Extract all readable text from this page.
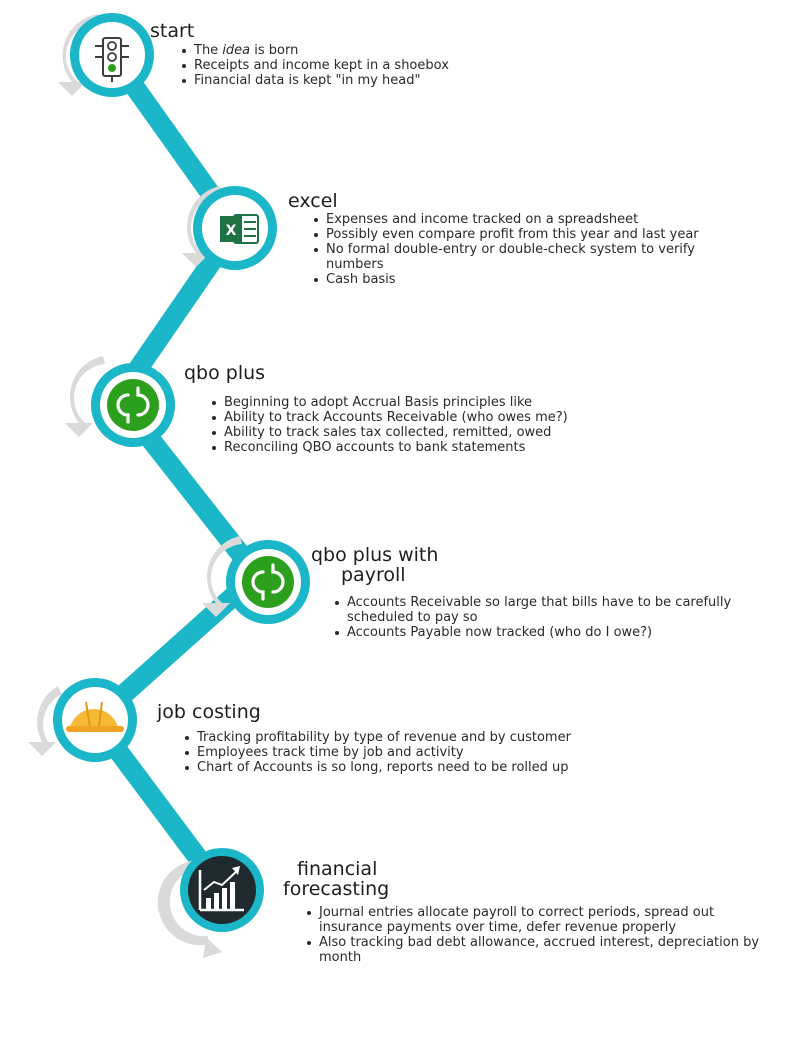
X
start
The idea is born
Receipts and income kept in a shoebox
Financial data is kept "in my head"
excel
Expenses and income tracked on a spreadsheet
Possibly even compare profit from this year and last year
No formal double-entry or double-check system to verify
numbers
Cash basis
qbo plus
Beginning to adopt Accrual Basis principles like
Ability to track Accounts Receivable (who owes me?)
Ability to track sales tax collected, remitted, owed
Reconciling QBO accounts to bank statements
qbo plus with
payroll
Accounts Receivable so large that bills have to be carefully
scheduled to pay so
Accounts Payable now tracked (who do I owe?)
job costing
Tracking profitability by type of revenue and by customer
Employees track time by job and activity
Chart of Accounts is so long, reports need to be rolled up
financial
forecasting
Journal entries allocate payroll to correct periods, spread out
insurance payments over time, defer revenue properly
Also tracking bad debt allowance, accrued interest, depreciation by
month
